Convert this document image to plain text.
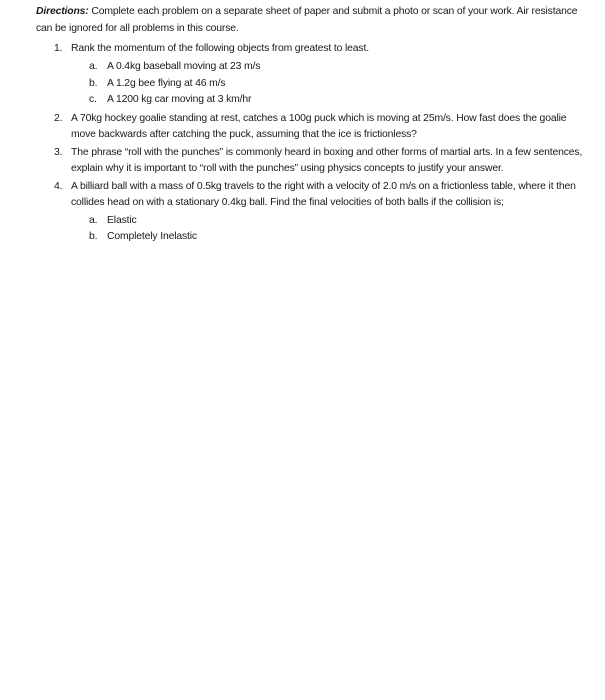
Directions: Complete each problem on a separate sheet of paper and submit a photo or scan of your work. Air resistance can be ignored for all problems in this course.
1. Rank the momentum of the following objects from greatest to least.
a. A 0.4kg baseball moving at 23 m/s
b. A 1.2g bee flying at 46 m/s
c. A 1200 kg car moving at 3 km/hr
2. A 70kg hockey goalie standing at rest, catches a 100g puck which is moving at 25m/s. How fast does the goalie move backwards after catching the puck, assuming that the ice is frictionless?
3. The phrase “roll with the punches” is commonly heard in boxing and other forms of martial arts. In a few sentences, explain why it is important to “roll with the punches” using physics concepts to justify your answer.
4. A billiard ball with a mass of 0.5kg travels to the right with a velocity of 2.0 m/s on a frictionless table, where it then collides head on with a stationary 0.4kg ball. Find the final velocities of both balls if the collision is;
a. Elastic
b. Completely Inelastic
